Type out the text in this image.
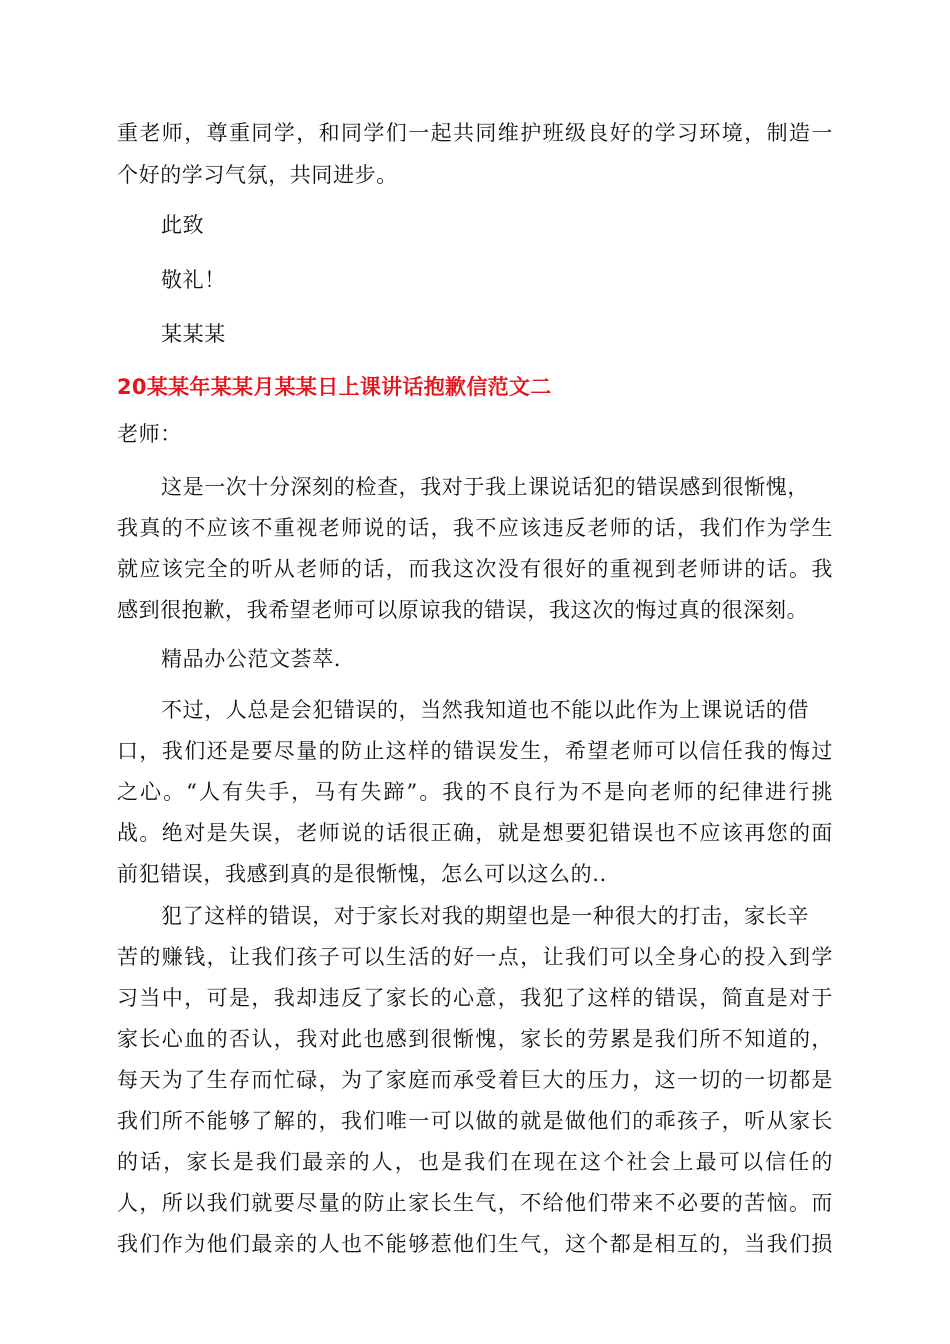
重老师，尊重同学，和同学们一起共同维护班级良好的学习环境，制造一
个好的学习气氛，共同进步。
此致
敬礼！
某某某
20某某年某某月某某日上课讲话抱歉信范文二
老师：
这是一次十分深刻的检查，我对于我上课说话犯的错误感到很惭愧，
我真的不应该不重视老师说的话，我不应该违反老师的话，我们作为学生
就应该完全的听从老师的话，而我这次没有很好的重视到老师讲的话。我
感到很抱歉，我希望老师可以原谅我的错误，我这次的悔过真的很深刻。
精品办公范文荟萃.
不过，人总是会犯错误的，当然我知道也不能以此作为上课说话的借
口，我们还是要尽量的防止这样的错误发生，希望老师可以信任我的悔过
之心。“人有失手，马有失蹄”。我的不良行为不是向老师的纪律进行挑
战。绝对是失误，老师说的话很正确，就是想要犯错误也不应该再您的面
前犯错误，我感到真的是很惭愧，怎么可以这么的..
犯了这样的错误，对于家长对我的期望也是一种很大的打击，家长辛
苦的赚钱，让我们孩子可以生活的好一点，让我们可以全身心的投入到学
习当中，可是，我却违反了家长的心意，我犯了这样的错误，简直是对于
家长心血的否认，我对此也感到很惭愧，家长的劳累是我们所不知道的，
每天为了生存而忙碌，为了家庭而承受着巨大的压力，这一切的一切都是
我们所不能够了解的，我们唯一可以做的就是做他们的乖孩子，听从家长
的话，家长是我们最亲的人，也是我们在现在这个社会上最可以信任的
人，所以我们就要尽量的防止家长生气，不给他们带来不必要的苦恼。而
我们作为他们最亲的人也不能够惹他们生气，这个都是相互的，当我们损
